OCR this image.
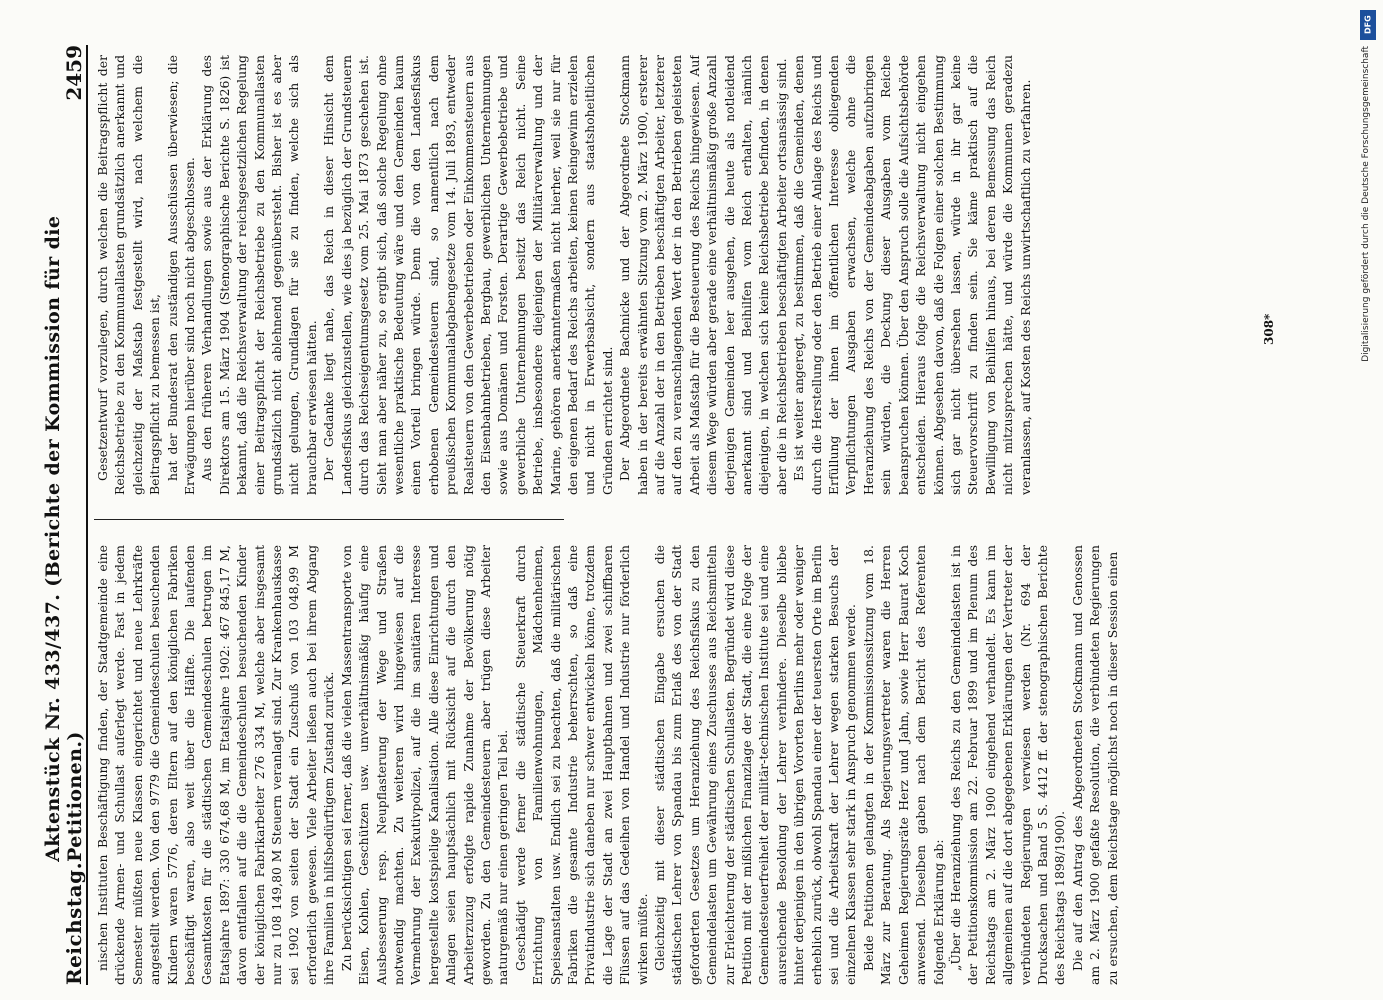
Reichstag.
Aktenstück Nr. 433/437. (Berichte der Kommission für die Petitionen.)
2459

nischen Instituten Beschäftigung finden, der Stadtgemeinde eine drückende Armen- und Schullast auferlegt werde. Fast in jedem Semester müßten neue Klassen eingerichtet und neue Lehrkräfte angestellt werden. Von den 9779 die Gemeindeschulen besuchenden Kindern waren 5776, deren Eltern auf den königlichen Fabriken beschäftigt waren, also weit über die Hälfte. Die laufenden Gesamtkosten für die städtischen Gemeindeschulen betrugen im Etatsjahre 1897: 330 674,68 M, im Etatsjahre 1902: 467 845,17 M, davon entfallen auf die die Gemeindeschulen besuchenden Kinder der königlichen Fabrikarbeiter 276 334 M, welche aber insgesamt nur zu 108 149,80 M Steuern veranlagt sind. Zur Krankenhauskasse sei 1902 von seiten der Stadt ein Zuschuß von 103 048,99 M erforderlich gewesen. Viele Arbeiter ließen auch bei ihrem Abgang ihre Familien in hilfsbedürftigem Zustand zurück. Zu berücksichtigen sei ferner, daß die vielen Massentransporte von Eisen, Kohlen, Geschützen usw. unverhältnismäßig häufig eine Ausbesserung resp. Neupflasterung der Wege und Straßen notwendig machten. Zu weiteren wird hingewiesen auf die Vermehrung der Exekutivpolizei, auf die im sanitären Interesse hergestellte kostspielige Kanalisation. Alle diese Einrichtungen und Anlagen seien hauptsächlich mit Rücksicht auf die durch den Arbeiterzuzug erfolgte rapide Zunahme der Bevölkerung nötig geworden. Zu den Gemeindesteuern aber trügen diese Arbeiter naturgemäß nur einen geringen Teil bei. Geschädigt werde ferner die städtische Steuerkraft durch Errichtung von Familienwohnungen, Mädchenheimen, Speiseanstalten usw. Endlich sei zu beachten, daß die militärischen Fabriken die gesamte Industrie beherrschten, so daß eine Privatindustrie sich daneben nur schwer entwickeln könne, trotzdem die Lage der Stadt an zwei Hauptbahnen und zwei schiffbaren Flüssen auf das Gedeihen von Handel und Industrie nur förderlich wirken müßte. Gleichzeitig mit dieser städtischen Eingabe ersuchen die städtischen Lehrer von Spandau bis zum Erlaß des von der Stadt geforderten Gesetzes um Heranziehung des Reichsfiskus zu den Gemeindelasten um Gewährung eines Zuschusses aus Reichsmitteln zur Erleichterung der städtischen Schullasten. Begründet wird diese Petition mit der mißlichen Finanzlage der Stadt, die eine Folge der Gemeindesteuerfreiheit der militär-technischen Institute sei und eine ausreichende Besoldung der Lehrer verhindere. Dieselbe bliebe hinter derjenigen in den übrigen Vororten Berlins mehr oder weniger erheblich zurück, obwohl Spandau einer der teuersten Orte im Berlin sei und die Arbeitskraft der Lehrer wegen starken Besuchs der einzelnen Klassen sehr stark in Anspruch genommen werde. Beide Petitionen gelangten in der Kommissionssitzung vom 18. März zur Beratung. Als Regierungsvertreter waren die Herren Geheimen Regierungsräte Herz und Jahn, sowie Herr Baurat Koch anwesend. Dieselben gaben nach dem Bericht des Referenten folgende Erklärung ab: „Über die Heranziehung des Reichs zu den Gemeindelasten ist in der Petitionskommission am 22. Februar 1899 und im Plenum des Reichstags am 2. März 1900 eingehend verhandelt. Es kann im allgemeinen auf die dort abgegebenen Erklärungen der Vertreter der verbündeten Regierungen verwiesen werden (Nr. 694 der Drucksachen und Band 5 S. 4412 ff. der stenographischen Berichte des Reichstags 1898/1900). Die auf den Antrag des Abgeordneten Stockmann und Genossen am 2. März 1900 gefaßte Resolution, die verbündeten Regierungen zu ersuchen, dem Reichstage möglichst noch in dieser Session einen

Gesetzentwurf vorzulegen, durch welchen die Beitragspflicht der Reichsbetriebe zu den Kommunallasten grundsätzlich anerkannt und gleichzeitig der Maßstab festgestellt wird, nach welchem die Beitragspflicht zu bemessen ist, hat der Bundesrat den zuständigen Ausschüssen überwiesen; die Erwägungen hierüber sind noch nicht abgeschlossen. Aus den früheren Verhandlungen sowie aus der Erklärung des Direktors am 15. März 1904 (Stenographische Berichte S. 1826) ist bekannt, daß die Reichsverwaltung der reichsgesetzlichen Regelung einer Beitragspflicht der Reichsbetriebe zu den Kommunallasten grundsätzlich nicht ablehnend gegenübersteht. Bisher ist es aber nicht gelungen, Grundlagen für sie zu finden, welche sich als brauchbar erwiesen hätten. Der Gedanke liegt nahe, das Reich in dieser Hinsicht dem Landesfiskus gleichzustellen, wie dies ja bezüglich der Grundsteuern durch das Reichseigentumsgesetz vom 25. Mai 1873 geschehen ist. Sieht man aber näher zu, so ergibt sich, daß solche Regelung ohne wesentliche praktische Bedeutung wäre und den Gemeinden kaum einen Vorteil bringen würde. Denn die von den Landesfiskus erhobenen Gemeindesteuern sind, so namentlich nach dem preußischen Kommunalabgabengesetze vom 14. Juli 1893, entweder Realsteuern von den Gewerbebetrieben oder Einkommensteuern aus den Eisenbahnbetrieben, Bergbau, gewerblichen Unternehmungen sowie aus Domänen und Forsten. Derartige Gewerbebetriebe und gewerbliche Unternehmungen besitzt das Reich nicht. Seine Betriebe, insbesondere diejenigen der Militärverwaltung und der Marine, gehören anerkanntermaßen nicht hierher, weil sie nur für den eigenen Bedarf des Reichs arbeiten, keinen Reingewinn erzielen und nicht in Erwerbsabsicht, sondern aus staatshoheitlichen Gründen errichtet sind. Der Abgeordnete Bachnicke und der Abgeordnete Stockmann haben in der bereits erwähnten Sitzung vom 2. März 1900, ersterer auf die Anzahl der in den Betrieben beschäftigten Arbeiter, letzterer auf den zu veranschlagenden Wert der in den Betrieben geleisteten Arbeit als Maßstab für die Besteuerung des Reichs hingewiesen. Auf diesem Wege würden aber gerade eine verhältnismäßig große Anzahl derjenigen Gemeinden leer ausgehen, die heute als notleidend anerkannt sind und Beihilfen vom Reich erhalten, nämlich diejenigen, in welchen sich keine Reichsbetriebe befinden, in denen aber die in Reichsbetrieben beschäftigten Arbeiter ortsansässig sind. Es ist weiter angeregt, zu bestimmen, daß die Gemeinden, denen durch die Herstellung oder den Betrieb einer Anlage des Reichs und Erfüllung der ihnen im öffentlichen Interesse obliegenden Verpflichtungen Ausgaben erwachsen, welche ohne die Heranziehung des Reichs von der Gemeindeabgaben aufzubringen sein würden, die Deckung dieser Ausgaben vom Reiche beanspruchen können. Über den Anspruch solle die Aufsichtsbehörde entscheiden. Hieraus folge die Reichsverwaltung nicht eingehen können. Abgesehen davon, daß die Folgen einer solchen Bestimmung sich gar nicht übersehen lassen, würde in ihr gar keine Steuervorschrift zu finden sein. Sie käme praktisch auf die Bewilligung von Beihilfen hinaus, bei deren Bemessung das Reich nicht mitzusprechen hätte, und würde die Kommunen geradezu veranlassen, auf Kosten des Reichs unwirtschaftlich zu verfahren.	308*
DFG
Digitalisierung gefördert durch die Deutsche Forschungsgemeinschaft
